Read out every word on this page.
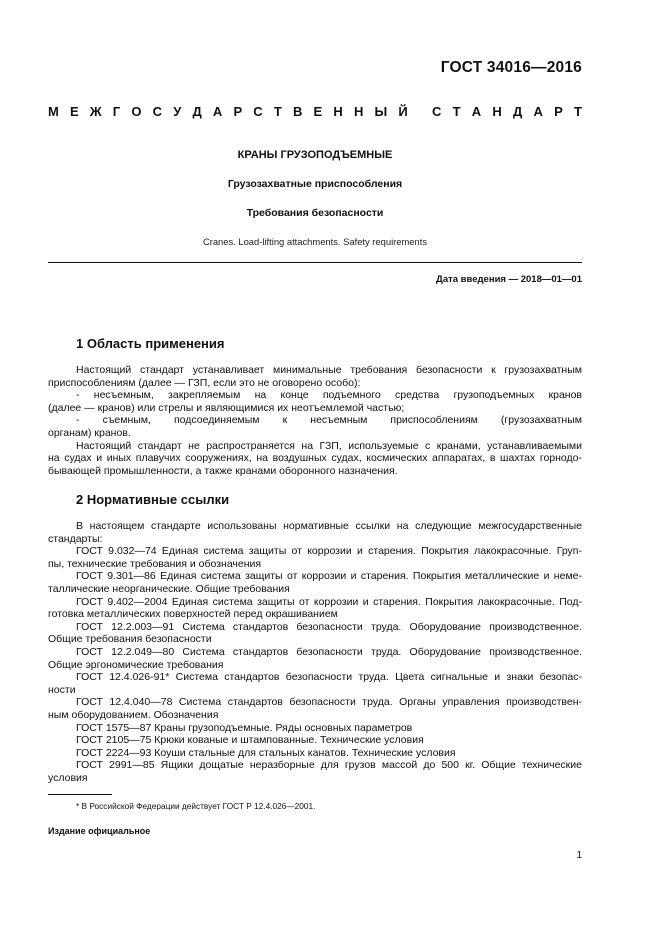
ГОСТ 34016—2016
М Е Ж Г О С У Д А Р С Т В Е Н Н Ы Й С Т А Н Д А Р Т
КРАНЫ ГРУЗОПОДЪЕМНЫЕ
Грузозахватные приспособления
Требования безопасности
Cranes. Load-lifting attachments. Safety requirements
Дата введения — 2018—01—01
1 Область применения
Настоящий стандарт устанавливает минимальные требования безопасности к грузозахватным
приспособлениям (далее — ГЗП, если это не оговорено особо):
- несъемным, закрепляемым на конце подъемного средства грузоподъемных кранов
(далее — кранов) или стрелы и являющимися их неотъемлемой частью;
- съемным, подсоединяемым к несъемным приспособлениям (грузозахватным
органам) кранов.
Настоящий стандарт не распространяется на ГЗП, используемые с кранами, устанавливаемыми
на судах и иных плавучих сооружениях, на воздушных судах, космических аппаратах, в шахтах горнодо-
бывающей промышленности, а также кранами оборонного назначения.
2 Нормативные ссылки
В настоящем стандарте использованы нормативные ссылки на следующие межгосударственные
стандарты:
ГОСТ 9.032—74 Единая система защиты от коррозии и старения. Покрытия лакокрасочные. Груп-
пы, технические требования и обозначения
ГОСТ 9.301—86 Единая система защиты от коррозии и старения. Покрытия металлические и неме-
таллические неорганические. Общие требования
ГОСТ 9.402—2004 Единая система защиты от коррозии и старения. Покрытия лакокрасочные. Под-
готовка металлических поверхностей перед окрашиванием
ГОСТ 12.2.003—91 Система стандартов безопасности труда. Оборудование производственное.
Общие требования безопасности
ГОСТ 12.2.049—80 Система стандартов безопасности труда. Оборудование производственное.
Общие эргономические требования
ГОСТ 12.4.026-91* Система стандартов безопасности труда. Цвета сигнальные и знаки безопас-
ности
ГОСТ 12.4.040—78 Система стандартов безопасности труда. Органы управления производствен-
ным оборудованием. Обозначения
ГОСТ 1575—87 Краны грузоподъемные. Ряды основных параметров
ГОСТ 2105—75 Крюки кованые и штампованные. Технические условия
ГОСТ 2224—93 Коуши стальные для стальных канатов. Технические условия
ГОСТ 2991—85 Ящики дощатые неразборные для грузов массой до 500 кг. Общие технические
условия
* В Российской Федерации действует ГОСТ Р 12.4.026—2001.
Издание официальное
1
